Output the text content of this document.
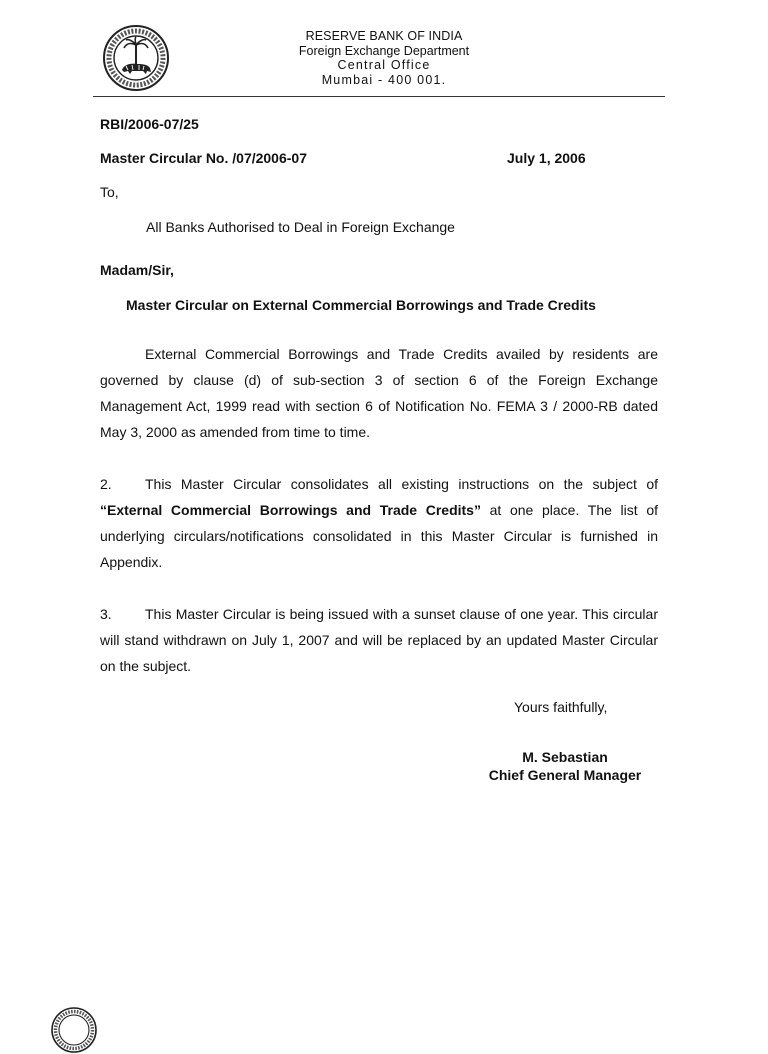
RESERVE BANK OF INDIA
Foreign Exchange Department
Central Office
Mumbai - 400 001.
RBI/2006-07/25
Master Circular No. /07/2006-07	July 1, 2006
To,
All Banks Authorised to Deal in Foreign Exchange
Madam/Sir,
Master Circular on External Commercial Borrowings and Trade Credits
External Commercial Borrowings and Trade Credits availed by residents are governed by clause (d) of sub-section 3 of section 6 of the Foreign Exchange Management Act, 1999 read with section 6 of Notification No. FEMA 3 / 2000-RB dated May 3, 2000 as amended from time to time.
2. This Master Circular consolidates all existing instructions on the subject of “External Commercial Borrowings and Trade Credits” at one place. The list of underlying circulars/notifications consolidated in this Master Circular is furnished in Appendix.
3. This Master Circular is being issued with a sunset clause of one year. This circular will stand withdrawn on July 1, 2007 and will be replaced by an updated Master Circular on the subject.
Yours faithfully,
M. Sebastian
Chief General Manager
